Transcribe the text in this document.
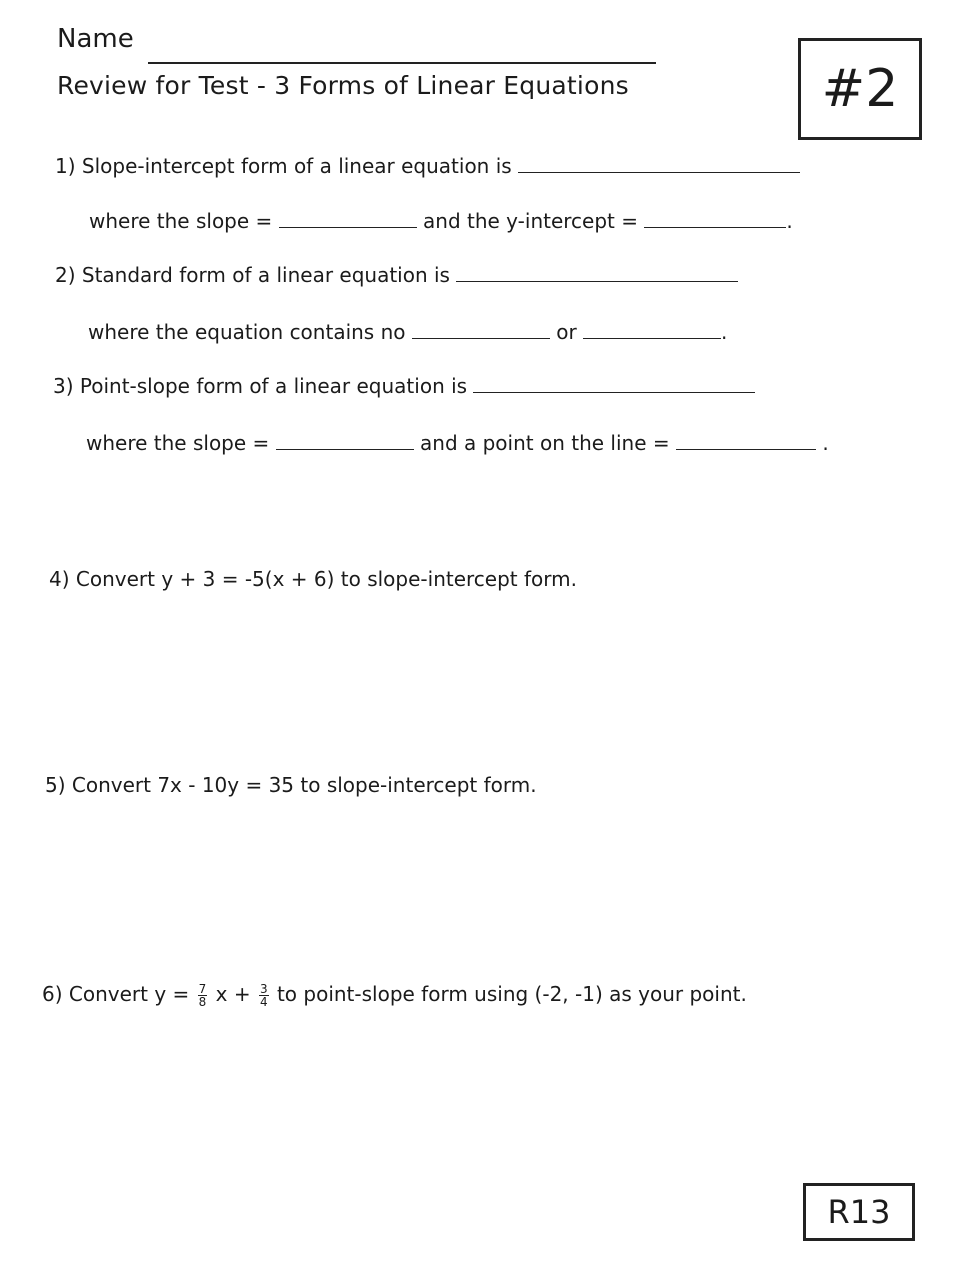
Name
Review for Test - 3 Forms of Linear Equations	#2
1) Slope-intercept form of a linear equation is
where the slope =	and the y-intercept =	.
2) Standard form of a linear equation is
where the equation contains no	or	.
3) Point-slope form of a linear equation is
where the slope =	and a point on the line =	.
4) Convert y + 3 = -5(x + 6) to slope-intercept form.
5) Convert 7x - 10y = 35 to slope-intercept form.
6) Convert $y = \frac{7}{8}$ $x + \frac{3}{4}$ to point-slope form using (-2, -1) as your point.
R13
